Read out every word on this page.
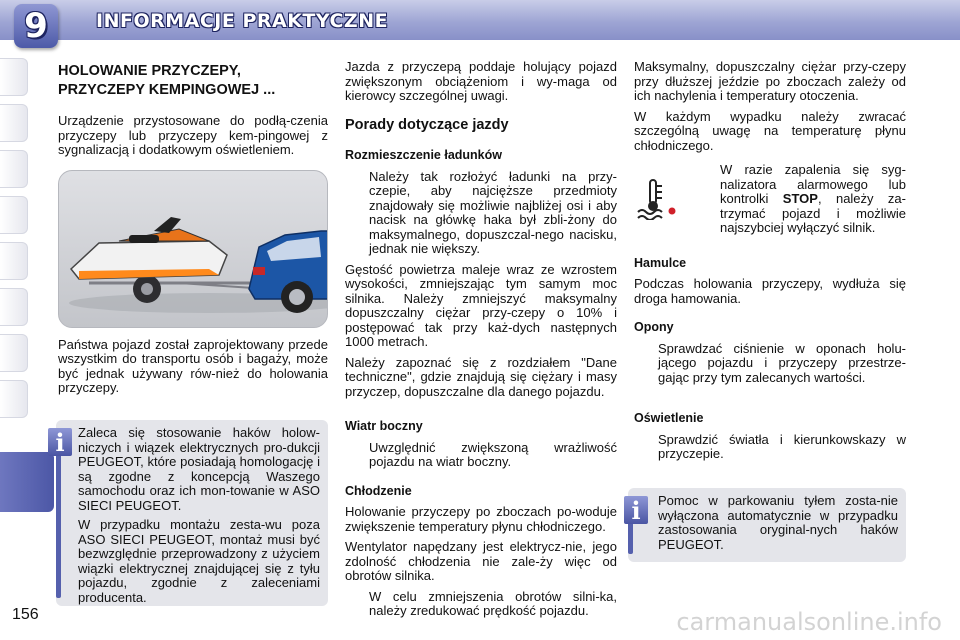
9	INFORMACJE PRAKTYCZNE
HOLOWANIE PRZYCZEPY,
PRZYCZEPY KEMPINGOWEJ ...

Urządzenie przystosowane do podłą-czenia przyczepy lub przyczepy kem-pingowej z sygnalizacją i dodatkowym oświetleniem.

Państwa pojazd został zaprojektowany przede wszystkim do transportu osób i bagaży, może być jednak używany rów-nież do holowania przyczepy.

Zaleca się stosowanie haków holow-niczych i wiązek elektrycznych pro-dukcji PEUGEOT, które posiadają homologację i są zgodne z koncepcją Waszego samochodu oraz ich mon-towanie w ASO SIECI PEUGEOT.

W przypadku montażu zesta-wu poza ASO SIECI PEUGEOT, montaż musi być bezwzględnie przeprowadzony z użyciem wiązki elektrycznej znajdującej się z tyłu pojazdu, zgodnie z zaleceniami producenta.

i

Jazda z przyczepą poddaje holujący pojazd zwiększonym obciążeniom i wy-maga od kierowcy szczególnej uwagi.

Porady dotyczące jazdy
Rozmieszczenie ładunków
Należy tak rozłożyć ładunki na przy-czepie, aby najcięższe przedmioty znajdowały się możliwie najbliżej osi i aby nacisk na główkę haka był zbli-żony do maksymalnego, dopuszczal-nego nacisku, jednak nie większy.

Gęstość powietrza maleje wraz ze wzrostem wysokości, zmniejszając tym samym moc silnika. Należy zmniejszyć maksymalny dopuszczalny ciężar przy-czepy o 10% i postępować tak przy każ-dych następnych 1000 metrach.

Należy zapoznać się z rozdziałem "Dane techniczne", gdzie znajdują się ciężary i masy przyczep, dopuszczalne dla danego pojazdu.

Wiatr boczny
Uwzględnić zwiększoną wrażliwość pojazdu na wiatr boczny.
Chłodzenie

Holowanie przyczepy po zboczach po-woduje zwiększenie temperatury płynu chłodniczego.

Wentylator napędzany jest elektrycz-nie, jego zdolność chłodzenia nie zale-ży więc od obrotów silnika.

W celu zmniejszenia obrotów silni-ka, należy zredukować prędkość pojazdu.

Maksymalny, dopuszczalny ciężar przy-czepy przy dłuższej jeździe po zboczach zależy od ich nachylenia i temperatury otoczenia.

W każdym wypadku należy zwracać szczególną uwagę na temperaturę płynu chłodniczego.

W razie zapalenia się syg-nalizatora alarmowego lub kontrolki STOP, należy za-trzymać pojazd i możliwie najszybciej wyłączyć silnik.
Hamulce

Podczas holowania przyczepy, wydłuża się droga hamowania.

Opony
Sprawdzać ciśnienie w oponach holu-jącego pojazdu i przyczepy przestrze-gając przy tym zalecanych wartości.
Oświetlenie
Sprawdzić światła i kierunkowskazy w przyczepie.
Pomoc w parkowaniu tyłem zosta-nie wyłączona automatycznie w przypadku zastosowania oryginal-nych haków PEUGEOT.
i
156	carmanualsonline.info
